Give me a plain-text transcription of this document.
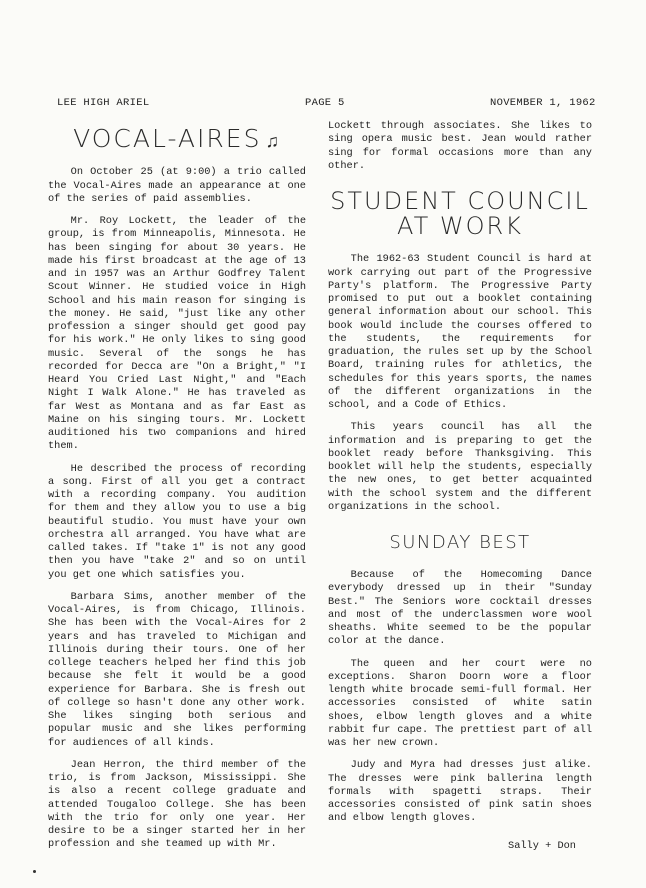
LEE HIGH ARIEL	PAGE 5	NOVEMBER 1, 1962
VOCAL-AIRES ♫

On October 25 (at 9:00) a trio called the Vocal-Aires made an appearance at one of the series of paid assemblies.

Mr. Roy Lockett, the leader of the group, is from Minneapolis, Minnesota. He has been singing for about 30 years. He made his first broadcast at the age of 13 and in 1957 was an Arthur Godfrey Talent Scout Winner. He studied voice in High School and his main reason for singing is the money. He said, "just like any other profession a singer should get good pay for his work." He only likes to sing good music. Several of the songs he has recorded for Decca are "On a Bright," "I Heard You Cried Last Night," and "Each Night I Walk Alone." He has traveled as far West as Montana and as far East as Maine on his singing tours. Mr. Lockett auditioned his two companions and hired them.

He described the process of recording a song. First of all you get a contract with a recording company. You audition for them and they allow you to use a big beautiful studio. You must have your own orchestra all arranged. You have what are called takes. If "take 1" is not any good then you have "take 2" and so on until you get one which satisfies you.

Barbara Sims, another member of the Vocal-Aires, is from Chicago, Illinois. She has been with the Vocal-Aires for 2 years and has traveled to Michigan and Illinois during their tours. One of her college teachers helped her find this job because she felt it would be a good experience for Barbara. She is fresh out of college so hasn't done any other work. She likes singing both serious and popular music and she likes performing for audiences of all kinds.

Jean Herron, the third member of the trio, is from Jackson, Mississippi. She is also a recent college graduate and attended Tougaloo College. She has been with the trio for only one year. Her desire to be a singer started her in her profession and she teamed up with Mr.

Lockett through associates. She likes to sing opera music best. Jean would rather sing for formal occasions more than any other.

STUDENT COUNCIL AT WORK

The 1962-63 Student Council is hard at work carrying out part of the Progressive Party's platform. The Progressive Party promised to put out a booklet containing general information about our school. This book would include the courses offered to the students, the requirements for graduation, the rules set up by the School Board, training rules for athletics, the schedules for this years sports, the names of the different organizations in the school, and a Code of Ethics.

This years council has all the information and is preparing to get the booklet ready before Thanksgiving. This booklet will help the students, especially the new ones, to get better acquainted with the school system and the different organizations in the school.

SUNDAY BEST

Because of the Homecoming Dance everybody dressed up in their "Sunday Best." The Seniors wore cocktail dresses and most of the underclassmen wore wool sheaths. White seemed to be the popular color at the dance.

The queen and her court were no exceptions. Sharon Doorn wore a floor length white brocade semi-full formal. Her accessories consisted of white satin shoes, elbow length gloves and a white rabbit fur cape. The prettiest part of all was her new crown.

Judy and Myra had dresses just alike. The dresses were pink ballerina length formals with spagetti straps. Their accessories consisted of pink satin shoes and elbow length gloves.

Sally + Don
